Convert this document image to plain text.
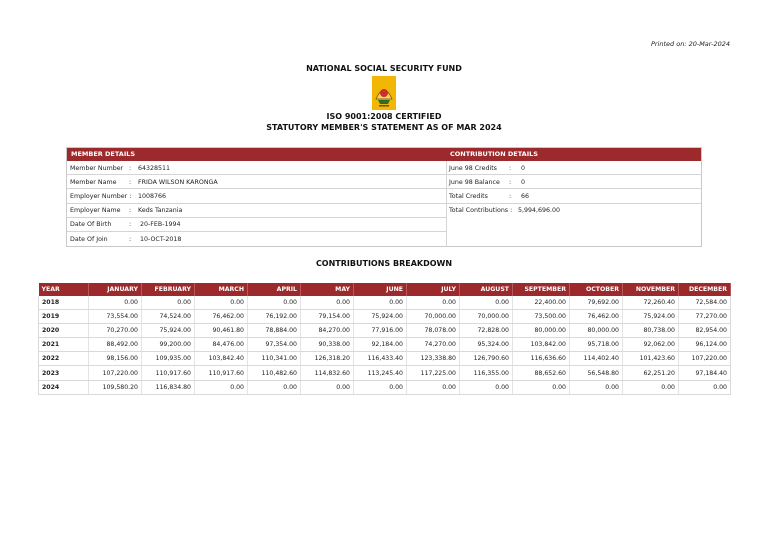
Printed on: 20-Mar-2024
NATIONAL SOCIAL SECURITY FUND
ISO 9001:2008 CERTIFIED
STATUTORY MEMBER'S STATEMENT AS OF MAR 2024
MEMBER DETAILS	CONTRIBUTION DETAILS
Member Number : 64328511
Member Name : FRIDA WILSON KARONGA
Employer Number : 1008766
Employer Name : Keds Tanzania
Date Of Birth	: 20-FEB-1994
Date Of Join	: 10-OCT-2018
June 98 Credits : 0
June 98 Balance : 0
Total Credits	: 66
Total Contributions : 5,994,696.00
CONTRIBUTIONS BREAKDOWN
YEAR	JANUARY	FEBRUARY	MARCH	APRIL	MAY	JUNE	JULY	AUGUST	SEPTEMBER	OCTOBER	NOVEMBER	DECEMBER
2018	0.00	0.00	0.00	0.00	0.00	0.00	0.00	0.00	22,400.00	79,692.00	72,260.40	72,584.00
2019	73,554.00	74,524.00	76,462.00	76,192.00	79,154.00	75,924.00	70,000.00	70,000.00	73,500.00	76,462.00	75,924.00	77,270.00
2020	70,270.00	75,924.00	90,461.80	78,884.00	84,270.00	77,916.00	78,078.00	72,828.00	80,000.00	80,000.00	80,738.00	82,954.00
2021	88,492.00	99,200.00	84,476.00	97,354.00	90,338.00	92,184.00	74,270.00	95,324.00	103,842.00	95,718.00	92,062.00	96,124.00
2022	98,156.00	109,935.00	103,842.40	110,341.00	126,318.20	116,433.40	123,338.80	126,790.60	116,636.60	114,402.40	101,423.60	107,220.00
2023	107,220.00	110,917.60	110,917.60	110,482.60	114,832.60	113,245.40	117,225.00	116,355.00	88,652.60	56,548.80	62,251.20	97,184.40
2024	109,580.20	116,834.80	0.00	0.00	0.00	0.00	0.00	0.00	0.00	0.00	0.00	0.00
